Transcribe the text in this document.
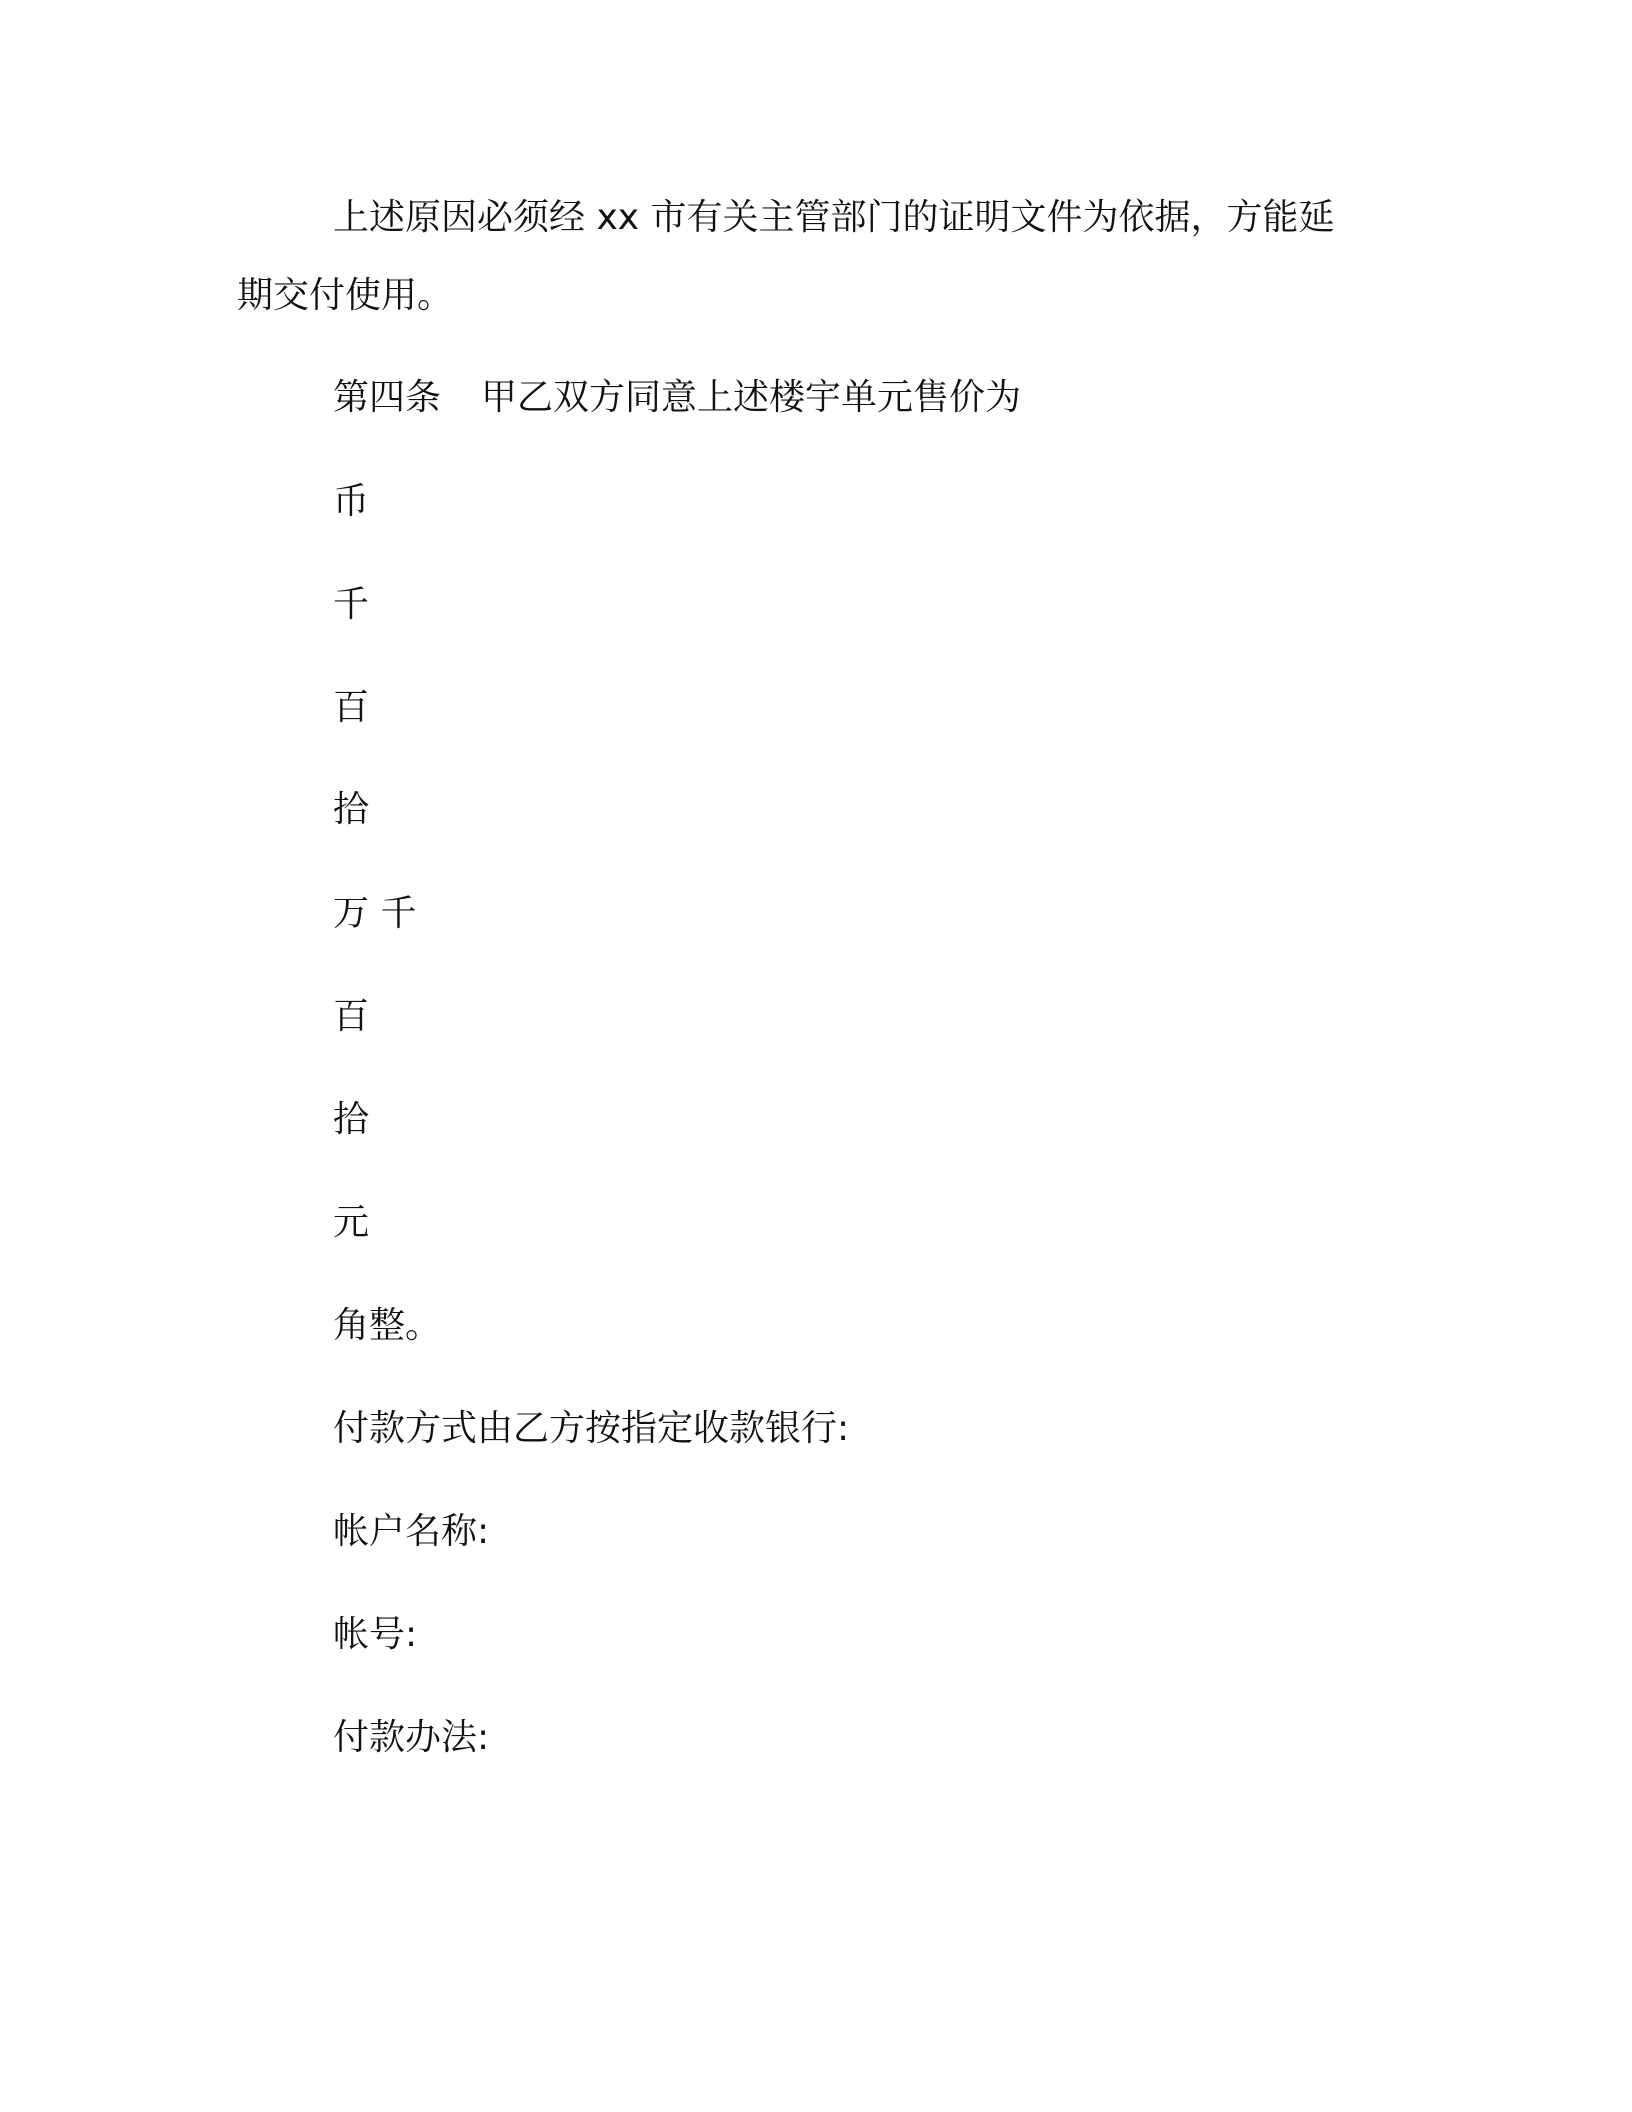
上述原因必须经 xx 市有关主管部门的证明文件为依据，方能延
期交付使用。
第四条 甲乙双方同意上述楼宇单元售价为
币
千
百
拾
万 千
百
拾
元
角整。
付款方式由乙方按指定收款银行:
帐户名称:
帐号:
付款办法:
